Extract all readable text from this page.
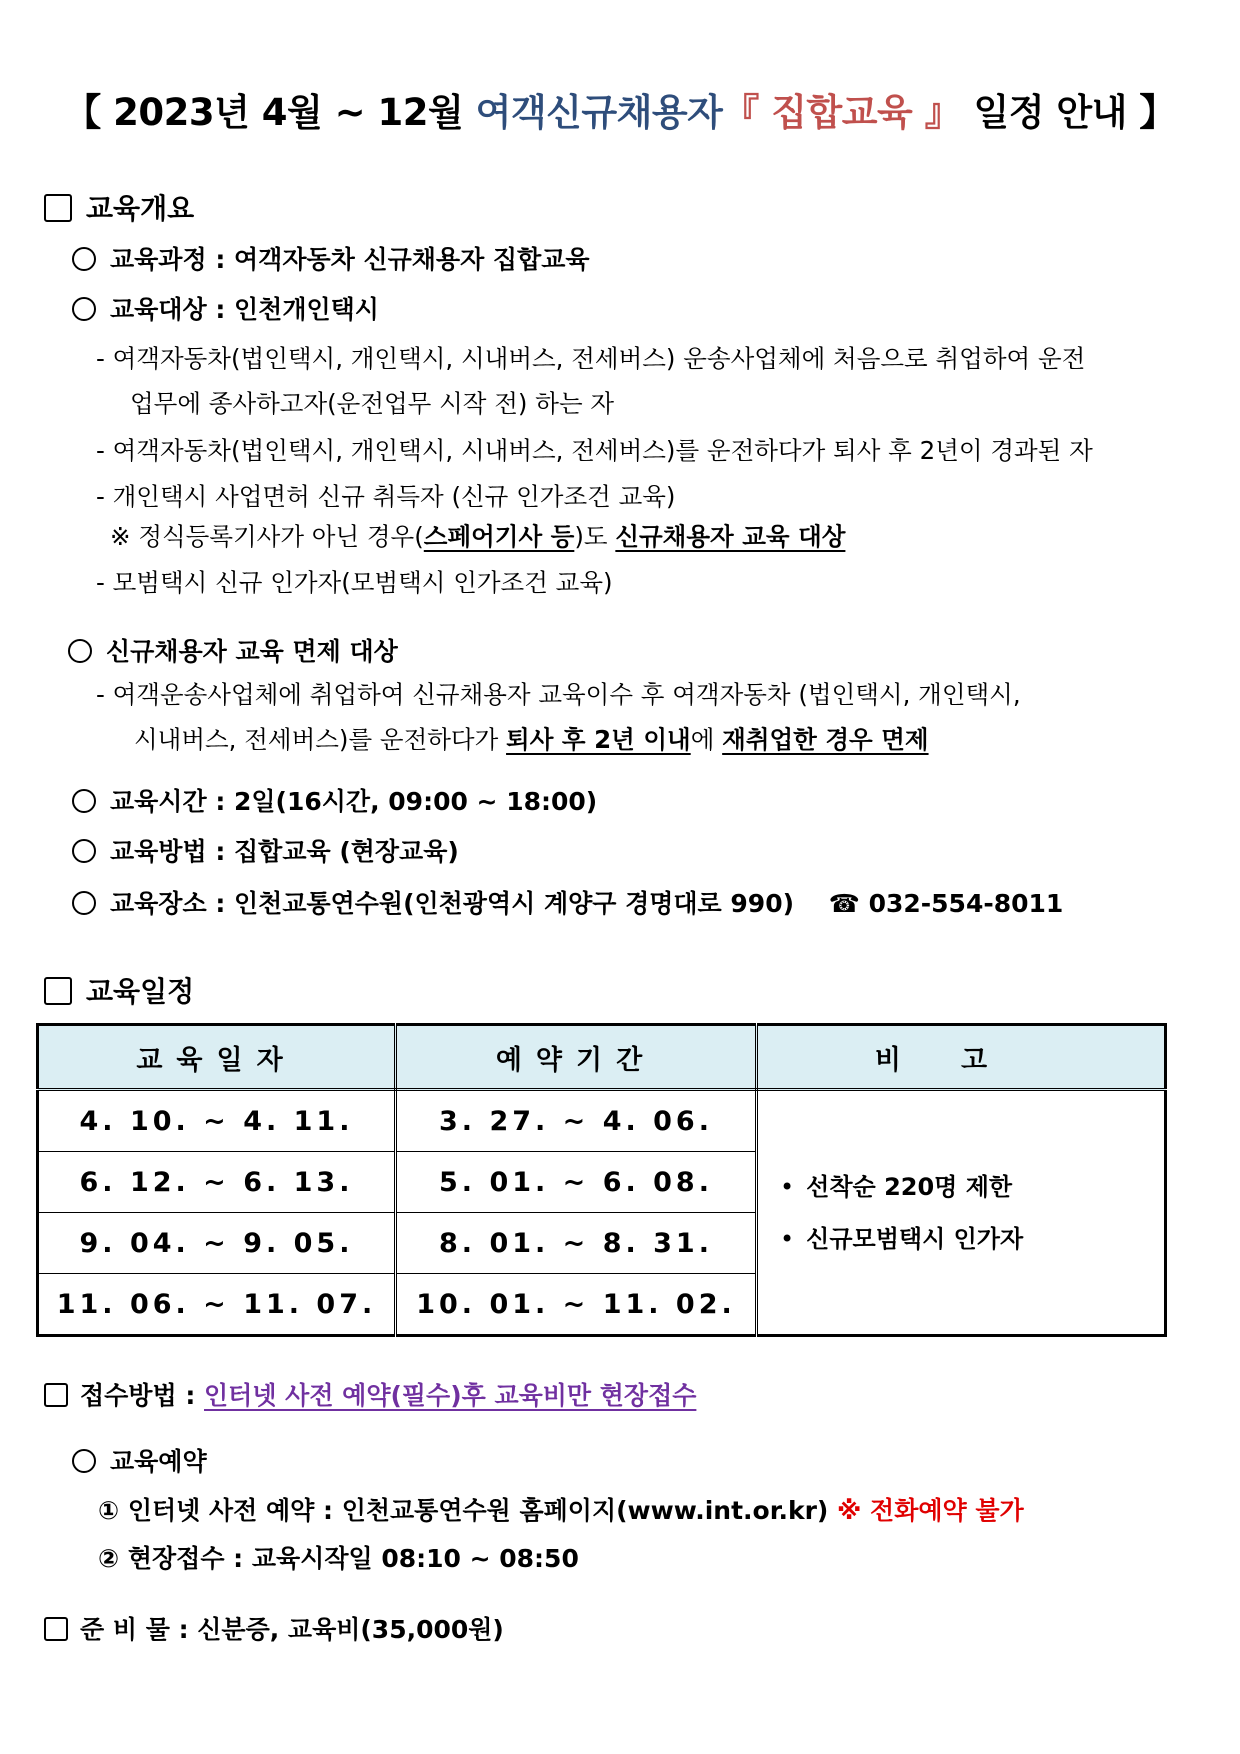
【 2023년 4월 ~ 12월 여객신규채용자『 집합교육 』 일정 안내 】
교육개요
교육과정 : 여객자동차 신규채용자 집합교육
교육대상 : 인천개인택시
- 여객자동차(법인택시, 개인택시, 시내버스, 전세버스) 운송사업체에 처음으로 취업하여 운전
업무에 종사하고자(운전업무 시작 전) 하는 자
- 여객자동차(법인택시, 개인택시, 시내버스, 전세버스)를 운전하다가 퇴사 후 2년이 경과된 자
- 개인택시 사업면허 신규 취득자 (신규 인가조건 교육)
※ 정식등록기사가 아닌 경우(스페어기사 등)도 신규채용자 교육 대상
- 모범택시 신규 인가자(모범택시 인가조건 교육)
신규채용자 교육 면제 대상
- 여객운송사업체에 취업하여 신규채용자 교육이수 후 여객자동차 (법인택시, 개인택시,
시내버스, 전세버스)를 운전하다가 퇴사 후 2년 이내에 재취업한 경우 면제
교육시간 : 2일(16시간, 09:00 ~ 18:00)
교육방법 : 집합교육 (현장교육)
교육장소 : 인천교통연수원(인천광역시 계양구 경명대로 990) ☎ 032-554-8011
교육일정
교육일자	예약기간	비고
4. 10. ~ 4. 11.	3. 27. ~ 4. 06.	• 선착순 220명 제한
• 신규모범택시 인가자

6. 12. ~ 6. 13.	5. 01. ~ 6. 08.	
9. 04. ~ 9. 05.	8. 01. ~ 8. 31.	
11. 06. ~ 11. 07.	10. 01. ~ 11. 02.	
접수방법 : 인터넷 사전 예약(필수)후 교육비만 현장접수
교육예약
① 인터넷 사전 예약 : 인천교통연수원 홈페이지(www.int.or.kr) ※ 전화예약 불가
② 현장접수 : 교육시작일 08:10 ~ 08:50
준 비 물 : 신분증, 교육비(35,000원)
